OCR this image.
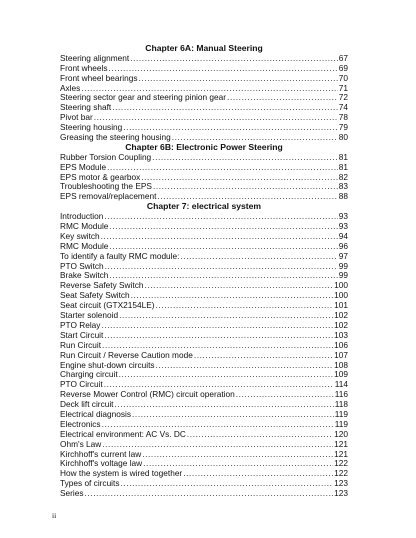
Chapter 6A: Manual Steering
Steering alignment .....	67
Front wheels .....	69
Front wheel bearings .....	70
Axles .....	71
Steering sector gear and steering pinion gear .....	72
Steering shaft .....	74
Pivot bar .....	78
Steering housing .....	79
Greasing the steering housing .....	80
Chapter 6B: Electronic Power Steering
Rubber Torsion Coupling .....	81
EPS Module .....	81
EPS motor & gearbox .....	82
Troubleshooting the EPS .....	83
EPS removal/replacement .....	88
Chapter 7: electrical system
Introduction .....	93
RMC Module .....	93
Key switch .....	94
RMC Module .....	96
To identify a faulty RMC module: .....	97
PTO Switch .....	99
Brake Switch .....	99
Reverse Safety Switch .....	100
Seat Safety Switch .....	100
Seat circuit (GTX2154LE) .....	101
Starter solenoid .....	102
PTO Relay .....	102
Start Circuit .....	103
Run Circuit .....	106
Run Circuit / Reverse Caution mode .....	107
Engine shut-down circuits .....	108
Charging circuit .....	109
PTO Circuit .....	114
Reverse Mower Control (RMC) circuit operation .....	116
Deck lift circuit .....	118
Electrical diagnosis .....	119
Electronics .....	119
Electrical environment: AC Vs. DC .....	120
Ohm's Law .....	121
Kirchhoff's current law .....	121
Kirchhoff's voltage law .....	122
How the system is wired together .....	122
Types of circuits .....	123
Series .....	123
ii
